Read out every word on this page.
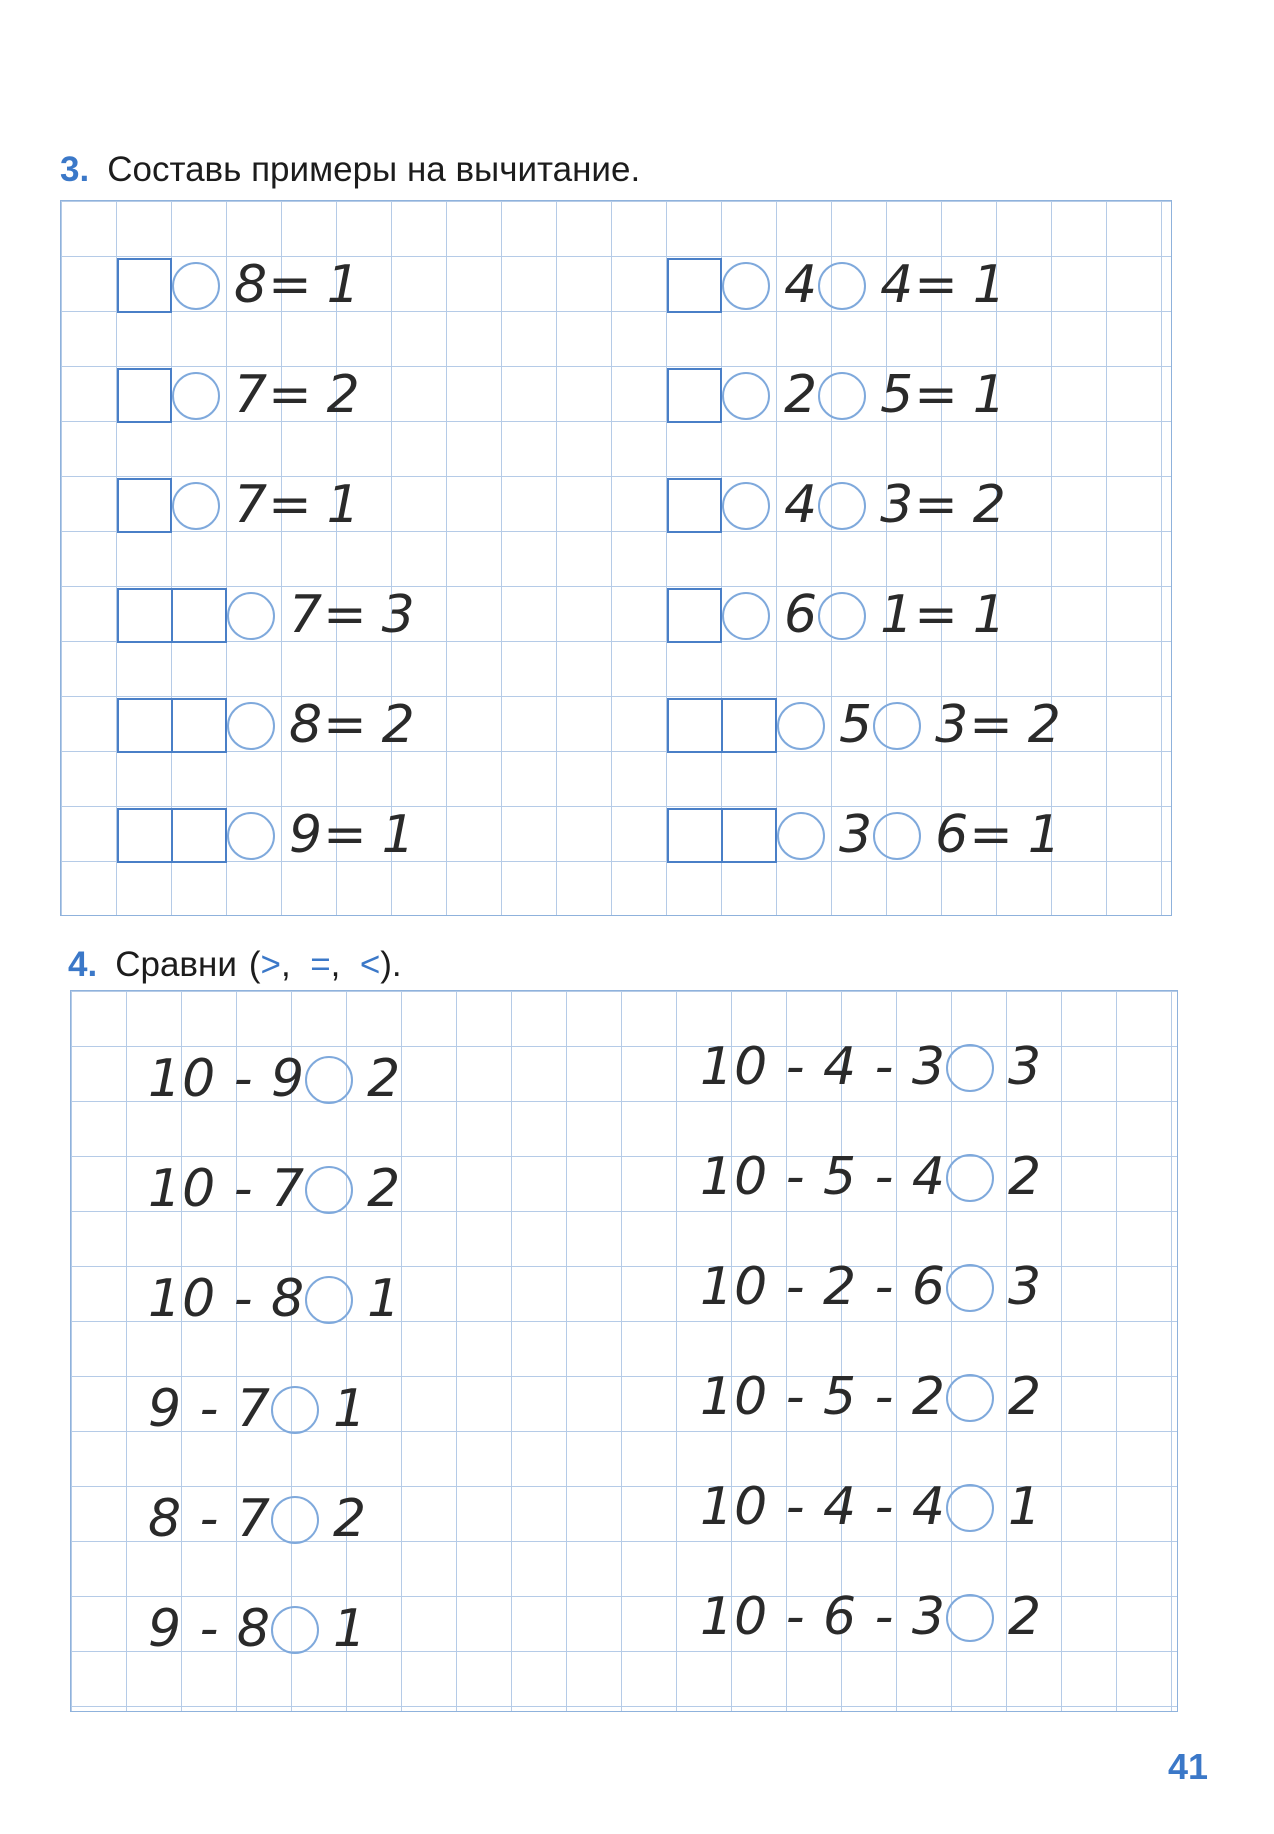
3. Составь примеры на вычитание.
8 = 1
7 = 2
7 = 1
7 = 3
8 = 2
9 = 1
4 4 = 1
2 5 = 1
4 3 = 2
6 1 = 1
5 3 = 2
3 6 = 1
4. Сравни (>, =, <).
10 - 9 2
10 - 7 2
10 - 8 1
9 - 7 1
8 - 7 2
9 - 8 1
10 - 4 - 3 3
10 - 5 - 4 2
10 - 2 - 6 3
10 - 5 - 2 2
10 - 4 - 4 1
10 - 6 - 3 2
41
